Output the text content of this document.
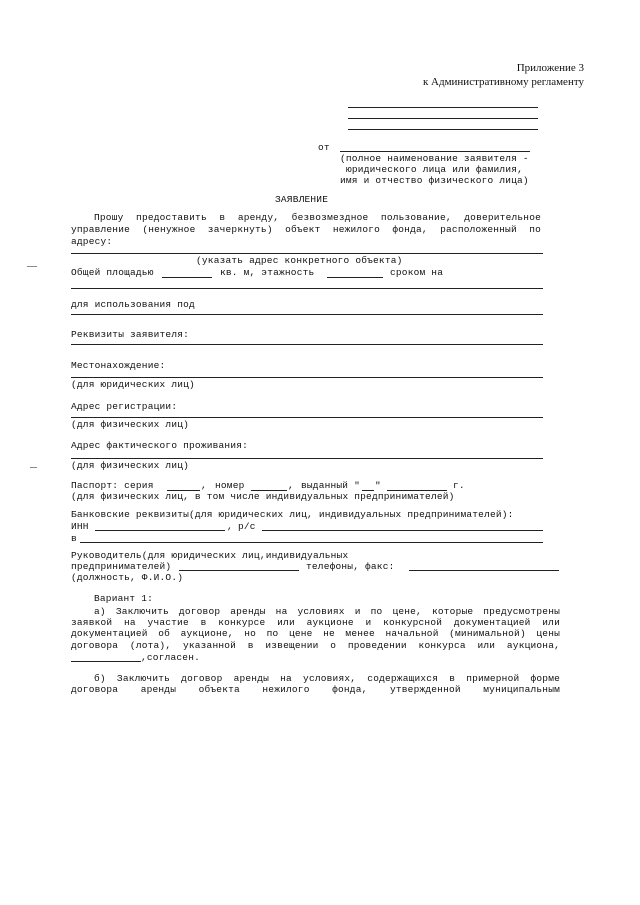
Приложение 3
к Административному регламенту
от
(полное наименование заявителя -
юридического лица или фамилия,
имя и отчество физического лица)
ЗАЯВЛЕНИЕ
Прошу предоставить в аренду, безвозмездное пользование, доверительное
управление (ненужное зачеркнуть) объект нежилого фонда, расположенный по
адресу:
(указать адрес конкретного объекта)
Общей площадью	кв. м, этажность	сроком на
для использования под
Реквизиты заявителя:
Местонахождение:
(для юридических лиц)
Адрес регистрации:
(для физических лиц)
Адрес фактического проживания:
(для физических лиц)
Паспорт: серия	, номер	, выданный " "	г.
(для физических лиц, в том числе индивидуальных предпринимателей)
Банковские реквизиты(для юридических лиц, индивидуальных предпринимателей):
ИНН	, р/с
в
Руководитель(для юридических лиц,индивидуальных
предпринимателей)	телефоны, факс:
(должность, Ф.И.О.)
Вариант 1:
а) Заключить договор аренды на условиях и по цене, которые предусмотрены
заявкой на участие в конкурсе или аукционе и конкурсной документацией или
документацией об аукционе, но по цене не менее начальной (минимальной) цены
договора (лота), указанной в извещении о проведении конкурса или аукциона,
,согласен.
б) Заключить договор аренды на условиях, содержащихся в примерной форме
договора аренды объекта нежилого фонда, утвержденной муниципальным
